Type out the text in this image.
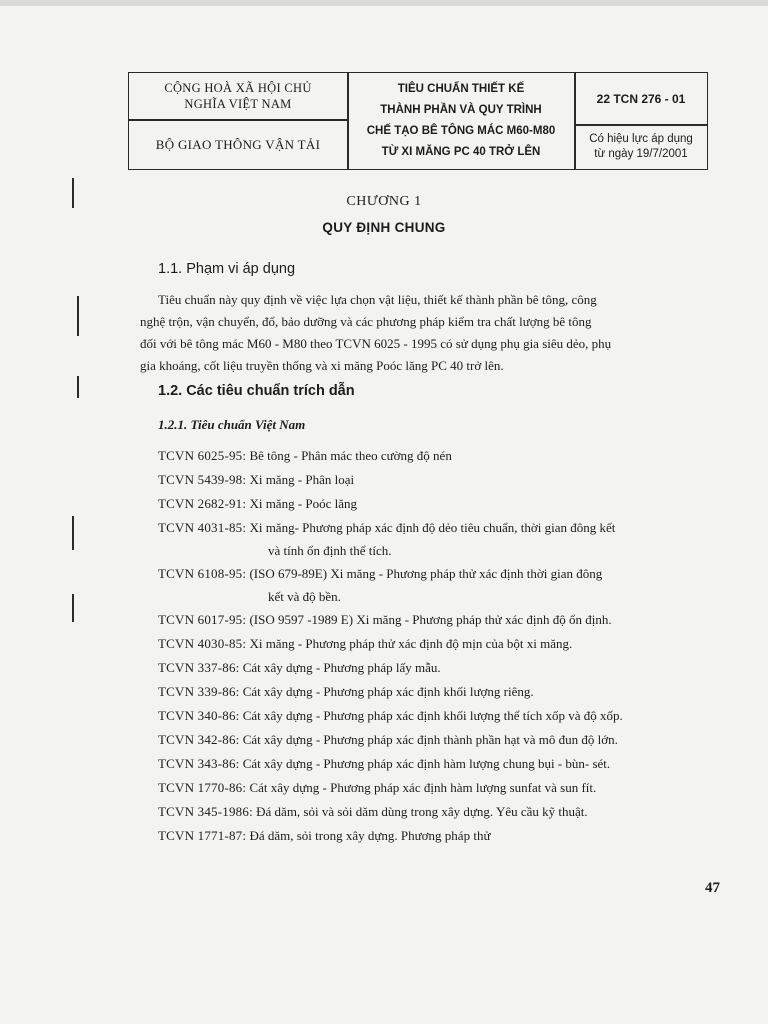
CỘNG HOÀ XÃ HỘI CHỦ
NGHĨA VIỆT NAM
BỘ GIAO THÔNG VẬN TẢI
TIÊU CHUẨN THIẾT KẾ
THÀNH PHẦN VÀ QUY TRÌNH
CHẾ TẠO BÊ TÔNG MÁC M60-M80
TỪ XI MĂNG PC 40 TRỞ LÊN
22 TCN 276 - 01
Có hiệu lực áp dụng
từ ngày 19/7/2001
CHƯƠNG 1
QUY ĐỊNH CHUNG
1.1. Phạm vi áp dụng
Tiêu chuẩn này quy định về việc lựa chọn vật liệu, thiết kế thành phần bê tông, công
nghệ trộn, vận chuyển, đổ, bảo dưỡng và các phương pháp kiểm tra chất lượng bê tông
đối với bê tông mác M60 - M80 theo TCVN 6025 - 1995 có sử dụng phụ gia siêu dẻo, phụ
gia khoáng, cốt liệu truyền thống và xi măng Poóc lăng PC 40 trở lên.
1.2. Các tiêu chuẩn trích dẫn
1.2.1. Tiêu chuẩn Việt Nam
TCVN 6025-95: Bê tông - Phân mác theo cường độ nén
TCVN 5439-98: Xi măng - Phân loại
TCVN 2682-91: Xi măng - Poóc lăng
TCVN 4031-85: Xi măng- Phương pháp xác định độ dẻo tiêu chuẩn, thời gian đông kết
và tính ổn định thể tích.
TCVN 6108-95: (ISO 679-89E) Xi măng - Phương pháp thử xác định thời gian đông
kết và độ bền.
TCVN 6017-95: (ISO 9597 -1989 E) Xi măng - Phương pháp thử xác định độ ổn định.
TCVN 4030-85: Xi măng - Phương pháp thử xác định độ mịn của bột xi măng.
TCVN 337-86: Cát xây dựng - Phương pháp lấy mẫu.
TCVN 339-86: Cát xây dựng - Phương pháp xác định khối lượng riêng.
TCVN 340-86: Cát xây dựng - Phương pháp xác định khối lượng thể tích xốp và độ xốp.
TCVN 342-86: Cát xây dựng - Phương pháp xác định thành phần hạt và mô đun độ lớn.
TCVN 343-86: Cát xây dựng - Phương pháp xác định hàm lượng chung bụi - bùn- sét.
TCVN 1770-86: Cát xây dựng - Phương pháp xác định hàm lượng sunfat và sun fít.
TCVN 345-1986: Đá dăm, sỏi và sỏi dăm dùng trong xây dựng. Yêu cầu kỹ thuật.
TCVN 1771-87: Đá dăm, sỏi trong xây dựng. Phương pháp thử
47
